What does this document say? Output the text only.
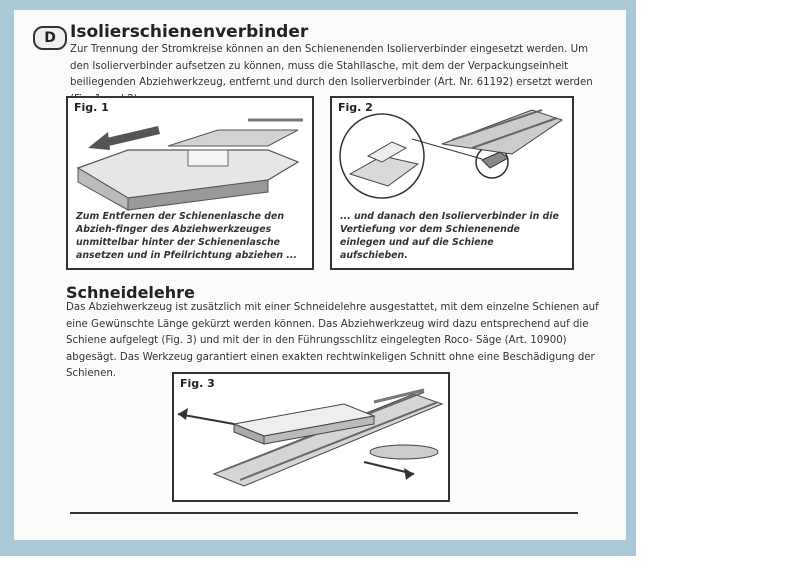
D Isolierschienenverbinder
Zur Trennung der Stromkreise können an den Schienenenden Isolierverbinder eingesetzt werden. Um den Isolierverbinder aufsetzen zu können, muss die Stahllasche, mit dem der Verpackungseinheit beiliegenden Abziehwerkzeug, entfernt und durch den Isolierverbinder (Art. Nr. 61192) ersetzt werden
Fig. 1
Zum Entfernen der Schienenlasche den Abzieh-finger des Abziehwerkzeuges unmittelbar hinter der Schienenlasche ansetzen und in Pfeilrichtung abziehen ...
Fig. 2
... und danach den Isolierverbinder in die Vertiefung vor dem Schienenende einlegen und auf die Schiene aufschieben.
Schneidelehre
Das Abziehwerkzeug ist zusätzlich mit einer Schneidelehre ausgestattet, mit dem einzelne Schienen auf eine Gewünschte Länge gekürzt werden können. Das Abziehwerkzeug wird dazu entsprechend auf die Schiene aufgelegt (Fig. 3) und mit der in den Führungsschlitz eingelegten Roco- Säge (Art. 10900) abgesägt. Das Werkzeug garantiert einen exakten rechtwinkeligen Schnitt ohne eine Beschädigung der Schienen.
Fig. 3
